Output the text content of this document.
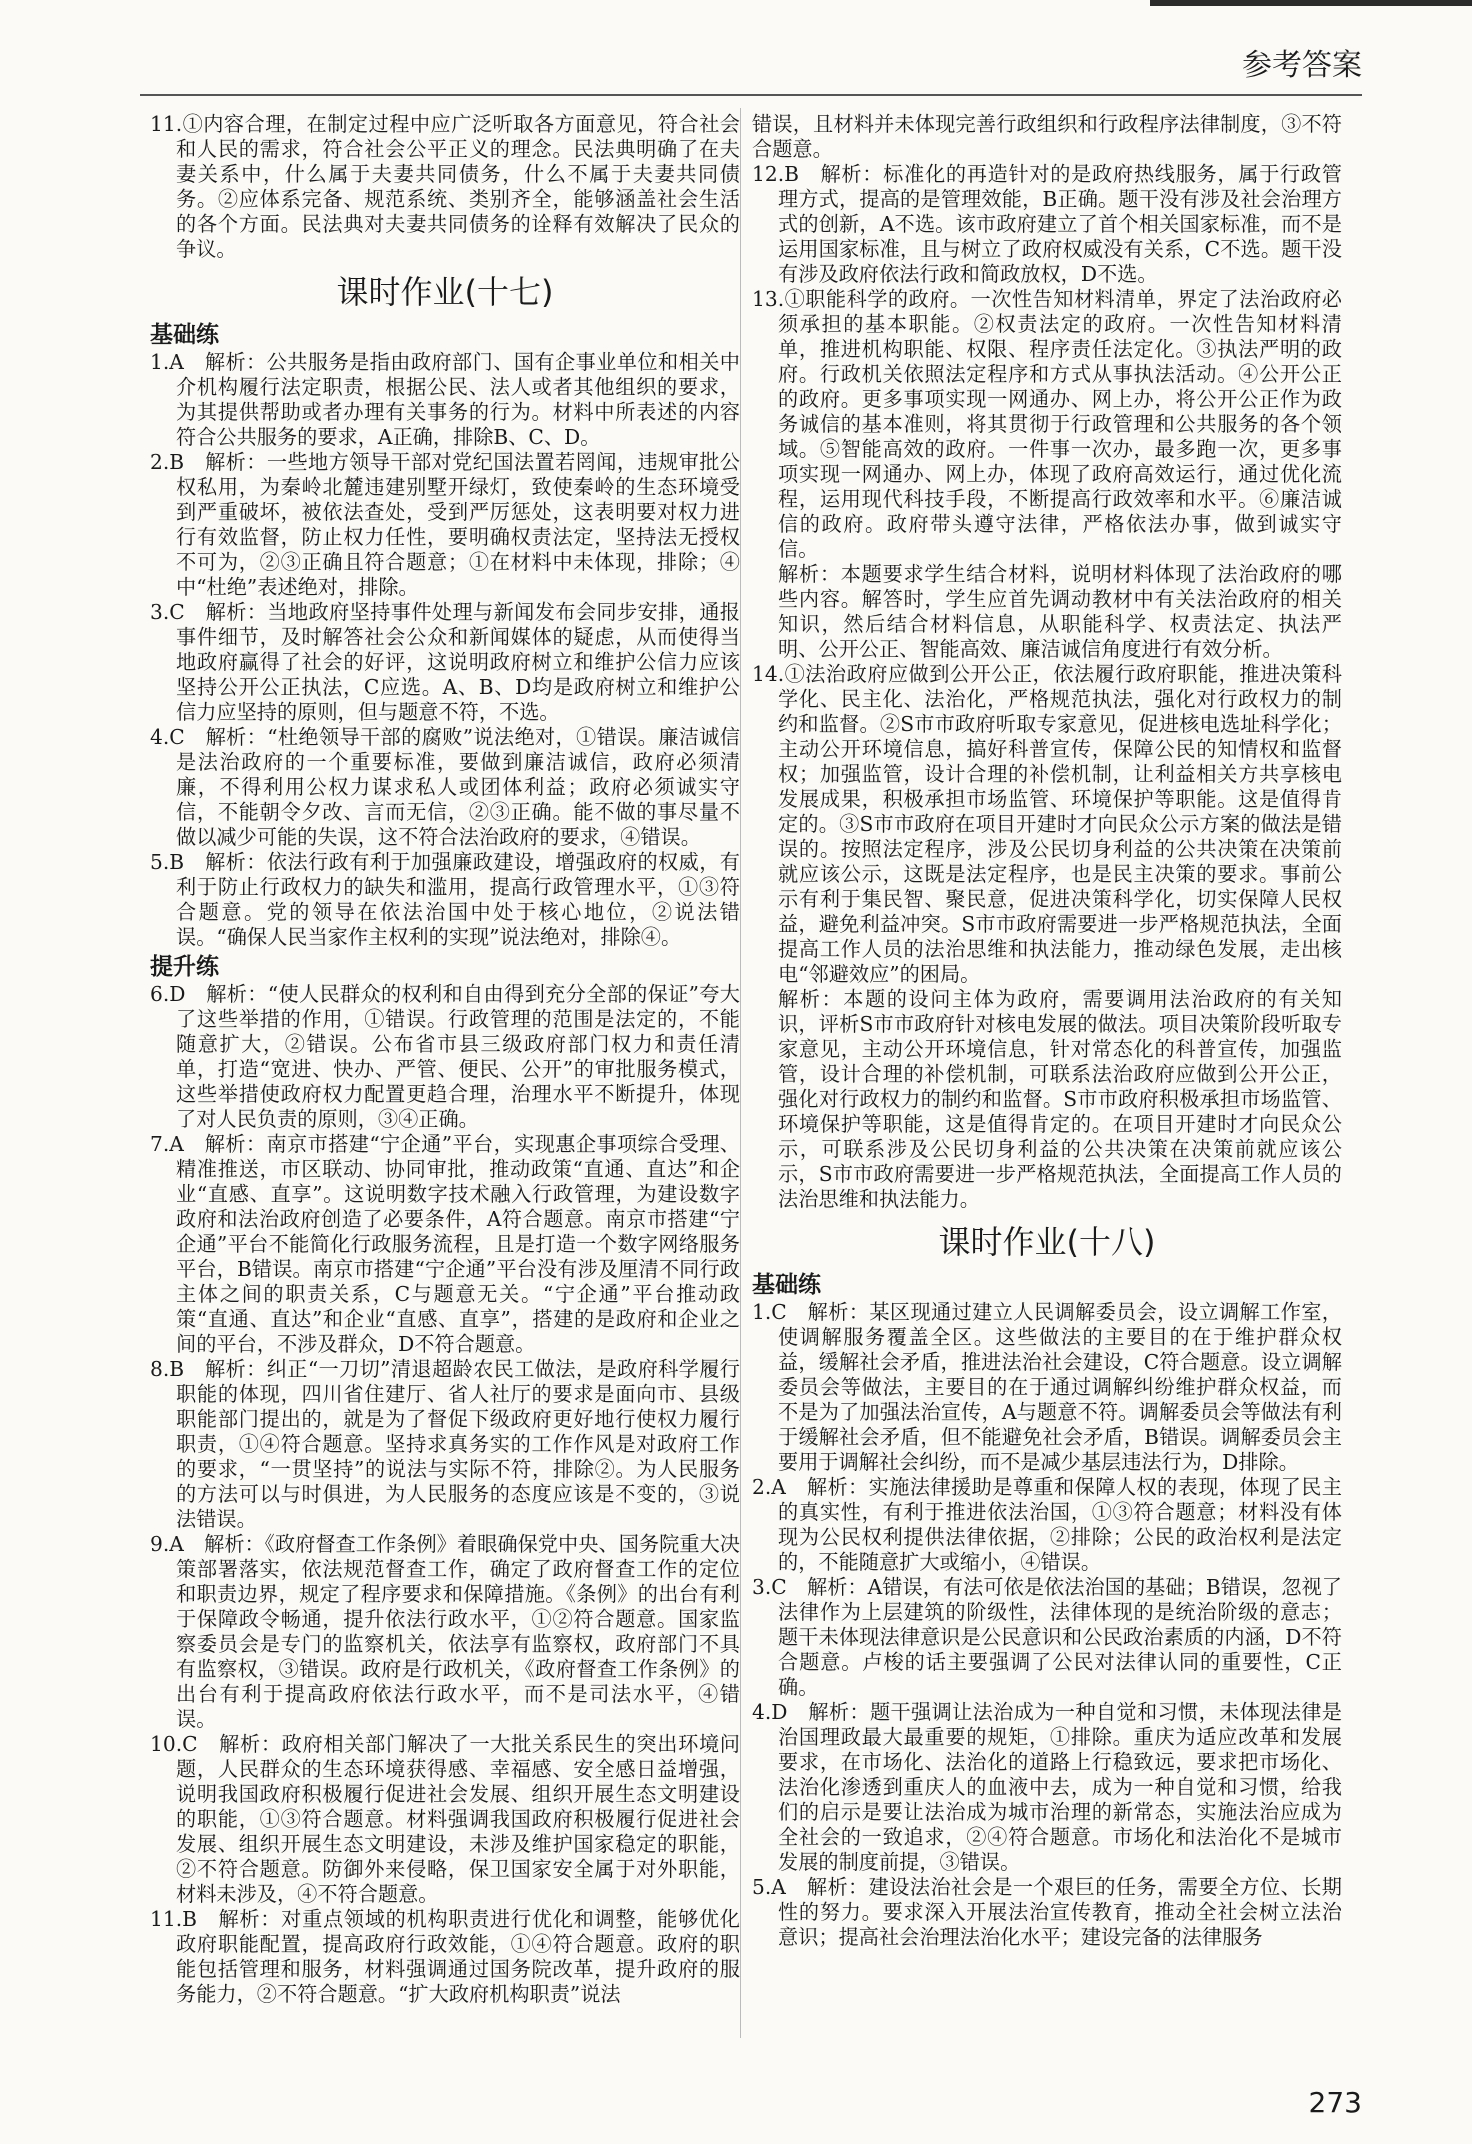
参考答案

11.①内容合理，在制定过程中应广泛听取各方面意见，符合社会和人民的需求，符合社会公平正义的理念。民法典明确了在夫妻关系中，什么属于夫妻共同债务，什么不属于夫妻共同债务。②应体系完备、规范系统、类别齐全，能够涵盖社会生活的各个方面。民法典对夫妻共同债务的诠释有效解决了民众的争议。

课时作业(十七)

基础练

1.A　解析：公共服务是指由政府部门、国有企事业单位和相关中介机构履行法定职责，根据公民、法人或者其他组织的要求，为其提供帮助或者办理有关事务的行为。材料中所表述的内容符合公共服务的要求，A正确，排除B、C、D。

2.B　解析：一些地方领导干部对党纪国法置若罔闻，违规审批公权私用，为秦岭北麓违建别墅开绿灯，致使秦岭的生态环境受到严重破坏，被依法查处，受到严厉惩处，这表明要对权力进行有效监督，防止权力任性，要明确权责法定，坚持法无授权不可为，②③正确且符合题意；①在材料中未体现，排除；④中“杜绝”表述绝对，排除。

3.C　解析：当地政府坚持事件处理与新闻发布会同步安排，通报事件细节，及时解答社会公众和新闻媒体的疑虑，从而使得当地政府赢得了社会的好评，这说明政府树立和维护公信力应该坚持公开公正执法，C应选。A、B、D均是政府树立和维护公信力应坚持的原则，但与题意不符，不选。

4.C　解析：“杜绝领导干部的腐败”说法绝对，①错误。廉洁诚信是法治政府的一个重要标准，要做到廉洁诚信，政府必须清廉，不得利用公权力谋求私人或团体利益；政府必须诚实守信，不能朝令夕改、言而无信，②③正确。能不做的事尽量不做以减少可能的失误，这不符合法治政府的要求，④错误。

5.B　解析：依法行政有利于加强廉政建设，增强政府的权威，有利于防止行政权力的缺失和滥用，提高行政管理水平，①③符合题意。党的领导在依法治国中处于核心地位，②说法错误。“确保人民当家作主权利的实现”说法绝对，排除④。

提升练

6.D　解析：“使人民群众的权利和自由得到充分全部的保证”夸大了这些举措的作用，①错误。行政管理的范围是法定的，不能随意扩大，②错误。公布省市县三级政府部门权力和责任清单，打造“宽进、快办、严管、便民、公开”的审批服务模式，这些举措使政府权力配置更趋合理，治理水平不断提升，体现了对人民负责的原则，③④正确。

7.A　解析：南京市搭建“宁企通”平台，实现惠企事项综合受理、精准推送，市区联动、协同审批，推动政策“直通、直达”和企业“直感、直享”。这说明数字技术融入行政管理，为建设数字政府和法治政府创造了必要条件，A符合题意。南京市搭建“宁企通”平台不能简化行政服务流程，且是打造一个数字网络服务平台，B错误。南京市搭建“宁企通”平台没有涉及厘清不同行政主体之间的职责关系，C与题意无关。“宁企通”平台推动政策“直通、直达”和企业“直感、直享”，搭建的是政府和企业之间的平台，不涉及群众，D不符合题意。

8.B　解析：纠正“一刀切”清退超龄农民工做法，是政府科学履行职能的体现，四川省住建厅、省人社厅的要求是面向市、县级职能部门提出的，就是为了督促下级政府更好地行使权力履行职责，①④符合题意。坚持求真务实的工作作风是对政府工作的要求，“一贯坚持”的说法与实际不符，排除②。为人民服务的方法可以与时俱进，为人民服务的态度应该是不变的，③说法错误。

9.A　解析：《政府督查工作条例》着眼确保党中央、国务院重大决策部署落实，依法规范督查工作，确定了政府督查工作的定位和职责边界，规定了程序要求和保障措施。《条例》的出台有利于保障政令畅通，提升依法行政水平，①②符合题意。国家监察委员会是专门的监察机关，依法享有监察权，政府部门不具有监察权，③错误。政府是行政机关，《政府督查工作条例》的出台有利于提高政府依法行政水平，而不是司法水平，④错误。

10.C　解析：政府相关部门解决了一大批关系民生的突出环境问题，人民群众的生态环境获得感、幸福感、安全感日益增强，说明我国政府积极履行促进社会发展、组织开展生态文明建设的职能，①③符合题意。材料强调我国政府积极履行促进社会发展、组织开展生态文明建设，未涉及维护国家稳定的职能，②不符合题意。防御外来侵略，保卫国家安全属于对外职能，材料未涉及，④不符合题意。

11.B　解析：对重点领域的机构职责进行优化和调整，能够优化政府职能配置，提高政府行政效能，①④符合题意。政府的职能包括管理和服务，材料强调通过国务院改革，提升政府的服务能力，②不符合题意。“扩大政府机构职责”说法

错误，且材料并未体现完善行政组织和行政程序法律制度，③不符合题意。

12.B　解析：标准化的再造针对的是政府热线服务，属于行政管理方式，提高的是管理效能，B正确。题干没有涉及社会治理方式的创新，A不选。该市政府建立了首个相关国家标准，而不是运用国家标准，且与树立了政府权威没有关系，C不选。题干没有涉及政府依法行政和简政放权，D不选。

13.①职能科学的政府。一次性告知材料清单，界定了法治政府必须承担的基本职能。②权责法定的政府。一次性告知材料清单，推进机构职能、权限、程序责任法定化。③执法严明的政府。行政机关依照法定程序和方式从事执法活动。④公开公正的政府。更多事项实现一网通办、网上办，将公开公正作为政务诚信的基本准则，将其贯彻于行政管理和公共服务的各个领域。⑤智能高效的政府。一件事一次办，最多跑一次，更多事项实现一网通办、网上办，体现了政府高效运行，通过优化流程，运用现代科技手段，不断提高行政效率和水平。⑥廉洁诚信的政府。政府带头遵守法律，严格依法办事，做到诚实守信。

解析：本题要求学生结合材料，说明材料体现了法治政府的哪些内容。解答时，学生应首先调动教材中有关法治政府的相关知识，然后结合材料信息，从职能科学、权责法定、执法严明、公开公正、智能高效、廉洁诚信角度进行有效分析。

14.①法治政府应做到公开公正，依法履行政府职能，推进决策科学化、民主化、法治化，严格规范执法，强化对行政权力的制约和监督。②S市市政府听取专家意见，促进核电选址科学化；主动公开环境信息，搞好科普宣传，保障公民的知情权和监督权；加强监管，设计合理的补偿机制，让利益相关方共享核电发展成果，积极承担市场监管、环境保护等职能。这是值得肯定的。③S市市政府在项目开建时才向民众公示方案的做法是错误的。按照法定程序，涉及公民切身利益的公共决策在决策前就应该公示，这既是法定程序，也是民主决策的要求。事前公示有利于集民智、聚民意，促进决策科学化，切实保障人民权益，避免利益冲突。S市市政府需要进一步严格规范执法，全面提高工作人员的法治思维和执法能力，推动绿色发展，走出核电“邻避效应”的困局。

解析：本题的设问主体为政府，需要调用法治政府的有关知识，评析S市市政府针对核电发展的做法。项目决策阶段听取专家意见，主动公开环境信息，针对常态化的科普宣传，加强监管，设计合理的补偿机制，可联系法治政府应做到公开公正，强化对行政权力的制约和监督。S市市政府积极承担市场监管、环境保护等职能，这是值得肯定的。在项目开建时才向民众公示，可联系涉及公民切身利益的公共决策在决策前就应该公示，S市市政府需要进一步严格规范执法，全面提高工作人员的法治思维和执法能力。

课时作业(十八)

基础练

1.C　解析：某区现通过建立人民调解委员会，设立调解工作室，使调解服务覆盖全区。这些做法的主要目的在于维护群众权益，缓解社会矛盾，推进法治社会建设，C符合题意。设立调解委员会等做法，主要目的在于通过调解纠纷维护群众权益，而不是为了加强法治宣传，A与题意不符。调解委员会等做法有利于缓解社会矛盾，但不能避免社会矛盾，B错误。调解委员会主要用于调解社会纠纷，而不是减少基层违法行为，D排除。

2.A　解析：实施法律援助是尊重和保障人权的表现，体现了民主的真实性，有利于推进依法治国，①③符合题意；材料没有体现为公民权利提供法律依据，②排除；公民的政治权利是法定的，不能随意扩大或缩小，④错误。

3.C　解析：A错误，有法可依是依法治国的基础；B错误，忽视了法律作为上层建筑的阶级性，法律体现的是统治阶级的意志；题干未体现法律意识是公民意识和公民政治素质的内涵，D不符合题意。卢梭的话主要强调了公民对法律认同的重要性，C正确。

4.D　解析：题干强调让法治成为一种自觉和习惯，未体现法律是治国理政最大最重要的规矩，①排除。重庆为适应改革和发展要求，在市场化、法治化的道路上行稳致远，要求把市场化、法治化渗透到重庆人的血液中去，成为一种自觉和习惯，给我们的启示是要让法治成为城市治理的新常态，实施法治应成为全社会的一致追求，②④符合题意。市场化和法治化不是城市发展的制度前提，③错误。

5.A　解析：建设法治社会是一个艰巨的任务，需要全方位、长期性的努力。要求深入开展法治宣传教育，推动全社会树立法治意识；提高社会治理法治化水平；建设完备的法律服务

273
